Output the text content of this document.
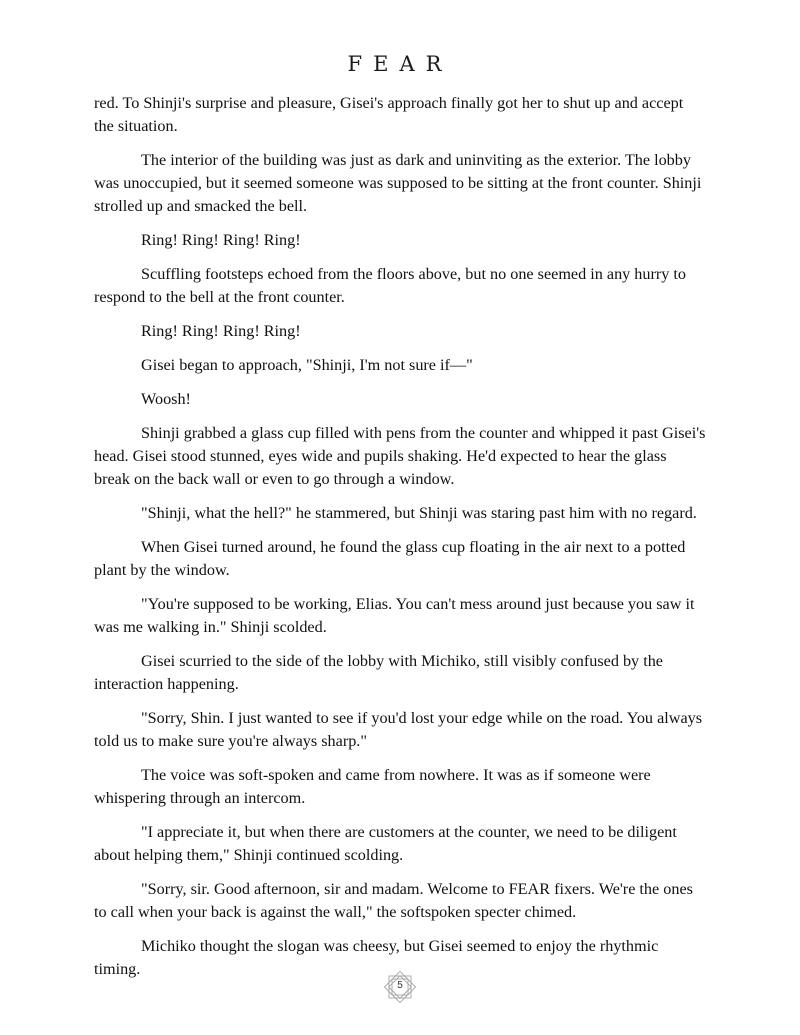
FEAR

red. To Shinji's surprise and pleasure, Gisei's approach finally got her to shut up and accept the situation.

The interior of the building was just as dark and uninviting as the exterior. The lobby was unoccupied, but it seemed someone was supposed to be sitting at the front counter. Shinji strolled up and smacked the bell.

Ring! Ring! Ring! Ring!

Scuffling footsteps echoed from the floors above, but no one seemed in any hurry to respond to the bell at the front counter.

Ring! Ring! Ring! Ring!

Gisei began to approach, "Shinji, I'm not sure if—"

Woosh!

Shinji grabbed a glass cup filled with pens from the counter and whipped it past Gisei's head. Gisei stood stunned, eyes wide and pupils shaking. He'd expected to hear the glass break on the back wall or even to go through a window.

"Shinji, what the hell?" he stammered, but Shinji was staring past him with no regard.

When Gisei turned around, he found the glass cup floating in the air next to a potted plant by the window.

"You're supposed to be working, Elias. You can't mess around just because you saw it was me walking in." Shinji scolded.

Gisei scurried to the side of the lobby with Michiko, still visibly confused by the interaction happening.

"Sorry, Shin. I just wanted to see if you'd lost your edge while on the road. You always told us to make sure you're always sharp."

The voice was soft-spoken and came from nowhere. It was as if someone were whispering through an intercom.

"I appreciate it, but when there are customers at the counter, we need to be diligent about helping them," Shinji continued scolding.

"Sorry, sir. Good afternoon, sir and madam. Welcome to FEAR fixers. We're the ones to call when your back is against the wall," the softspoken specter chimed.

Michiko thought the slogan was cheesy, but Gisei seemed to enjoy the rhythmic timing.

5
